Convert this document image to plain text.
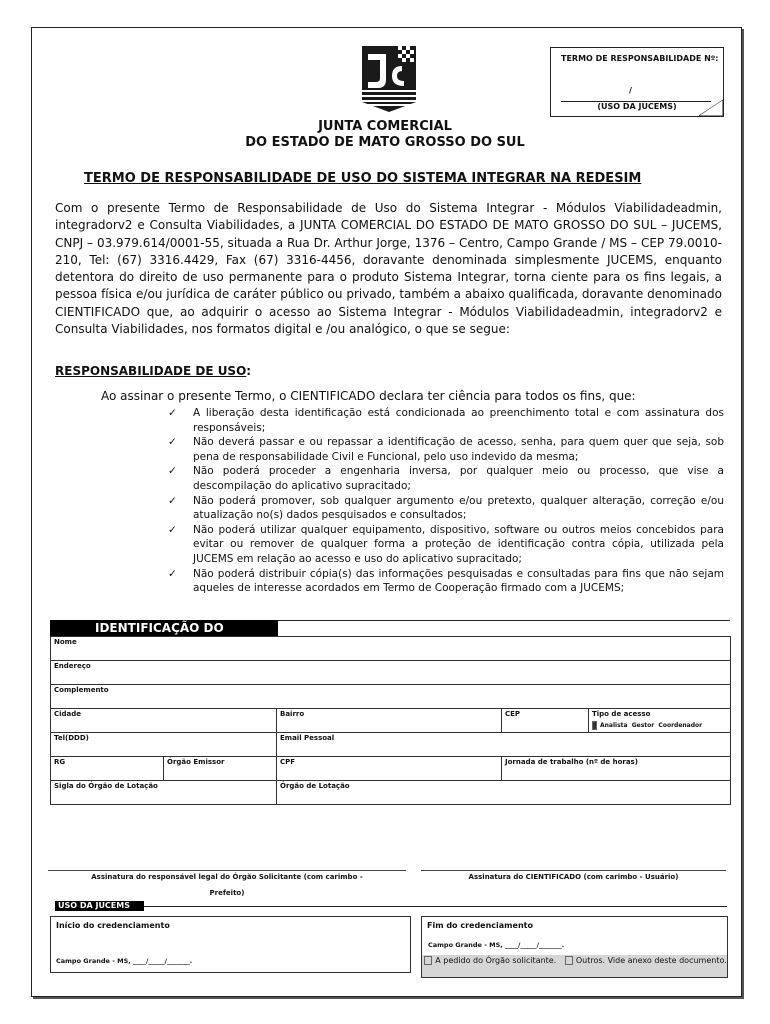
TERMO DE RESPONSABILIDADE Nº:
/
(USO DA JUCEMS)
JUNTA COMERCIAL
DO ESTADO DE MATO GROSSO DO SUL
TERMO DE RESPONSABILIDADE DE USO DO SISTEMA INTEGRAR NA REDESIM
Com o presente Termo de Responsabilidade de Uso do Sistema Integrar - Módulos Viabilidadeadmin, integradorv2 e Consulta Viabilidades, a JUNTA COMERCIAL DO ESTADO DE MATO GROSSO DO SUL – JUCEMS, CNPJ – 03.979.614/0001-55, situada a Rua Dr. Arthur Jorge, 1376 – Centro, Campo Grande / MS – CEP 79.0010-210, Tel: (67) 3316.4429, Fax (67) 3316-4456, doravante denominada simplesmente JUCEMS, enquanto detentora do direito de uso permanente para o produto Sistema Integrar, torna ciente para os fins legais, a pessoa física e/ou jurídica de caráter público ou privado, também a abaixo qualificada, doravante denominado CIENTIFICADO que, ao adquirir o acesso ao Sistema Integrar - Módulos Viabilidadeadmin, integradorv2 e Consulta Viabilidades, nos formatos digital e /ou analógico, o que se segue:
RESPONSABILIDADE DE USO:
Ao assinar o presente Termo, o CIENTIFICADO declara ter ciência para todos os fins, que:
✓ A liberação desta identificação está condicionada ao preenchimento total e com assinatura dos responsáveis;
✓ Não deverá passar e ou repassar a identificação de acesso, senha, para quem quer que seja, sob pena de responsabilidade Civil e Funcional, pelo uso indevido da mesma;
✓ Não poderá proceder a engenharia inversa, por qualquer meio ou processo, que vise a descompilação do aplicativo supracitado;
✓ Não poderá promover, sob qualquer argumento e/ou pretexto, qualquer alteração, correção e/ou atualização no(s) dados pesquisados e consultados;
✓ Não poderá utilizar qualquer equipamento, dispositivo, software ou outros meios concebidos para evitar ou remover de qualquer forma a proteção de identificação contra cópia, utilizada pela JUCEMS em relação ao acesso e uso do aplicativo supracitado;
✓ Não poderá distribuir cópia(s) das informações pesquisadas e consultadas para fins que não sejam aqueles de interesse acordados em Termo de Cooperação firmado com a JUCEMS;
IDENTIFICAÇÃO DO
Nome				
Endereço				
Complemento				
Cidade		Bairro	CEP	Tipo de acesso
Analista  Gestor  Coordenador

Tel(DDD)		Email Pessoal		
RG	Órgão Emissor	CPF	Jornada de trabalho (nº de horas)	
Sigla do Órgão de Lotação		Órgão de Lotação		
Assinatura do responsável legal do Órgão Solicitante (com carimbo -
Prefeito)
Assinatura do CIENTIFICADO (com carimbo - Usuário)
USO DA JUCEMS
Início do credenciamento
Campo Grande - MS, ____/_____/_______.
Fim do credenciamento
Campo Grande - MS, ____/_____/_______.
A pedido do Órgão solicitante. Outros. Vide anexo deste documento.
